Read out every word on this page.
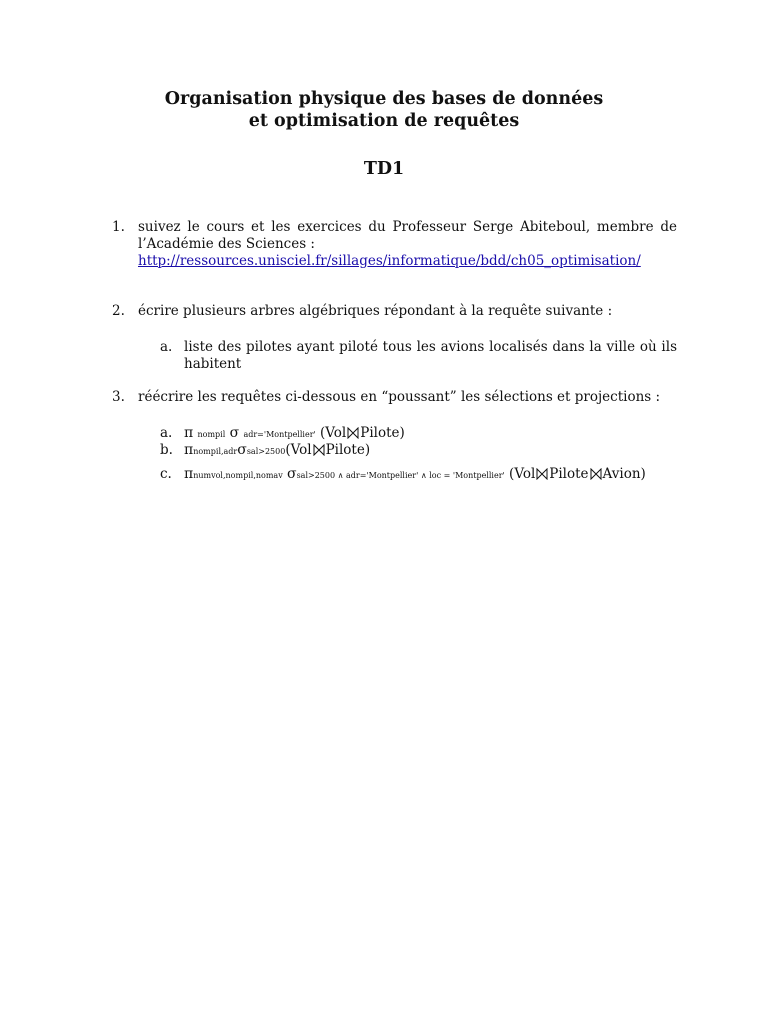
Organisation physique des bases de données
et optimisation de requêtes
TD1
1. suivez le cours et les exercices du Professeur Serge Abiteboul, membre de
l’Académie des Sciences :
http://ressources.unisciel.fr/sillages/informatique/bdd/ch05_optimisation/
2. écrire plusieurs arbres algébriques répondant à la requête suivante :
a. liste des pilotes ayant piloté tous les avions localisés dans la ville où ils
habitent
3. réécrire les requêtes ci-dessous en “poussant” les sélections et projections :
a. π nompil σ adr='Montpellier' (Vol Pilote)
b. πnompil,adrσsal>2500(Vol Pilote)
c. πnumvol,nompil,nomav σsal>2500 ∧ adr='Montpellier' ∧ loc = 'Montpellier' (Vol Pilote Avion)
